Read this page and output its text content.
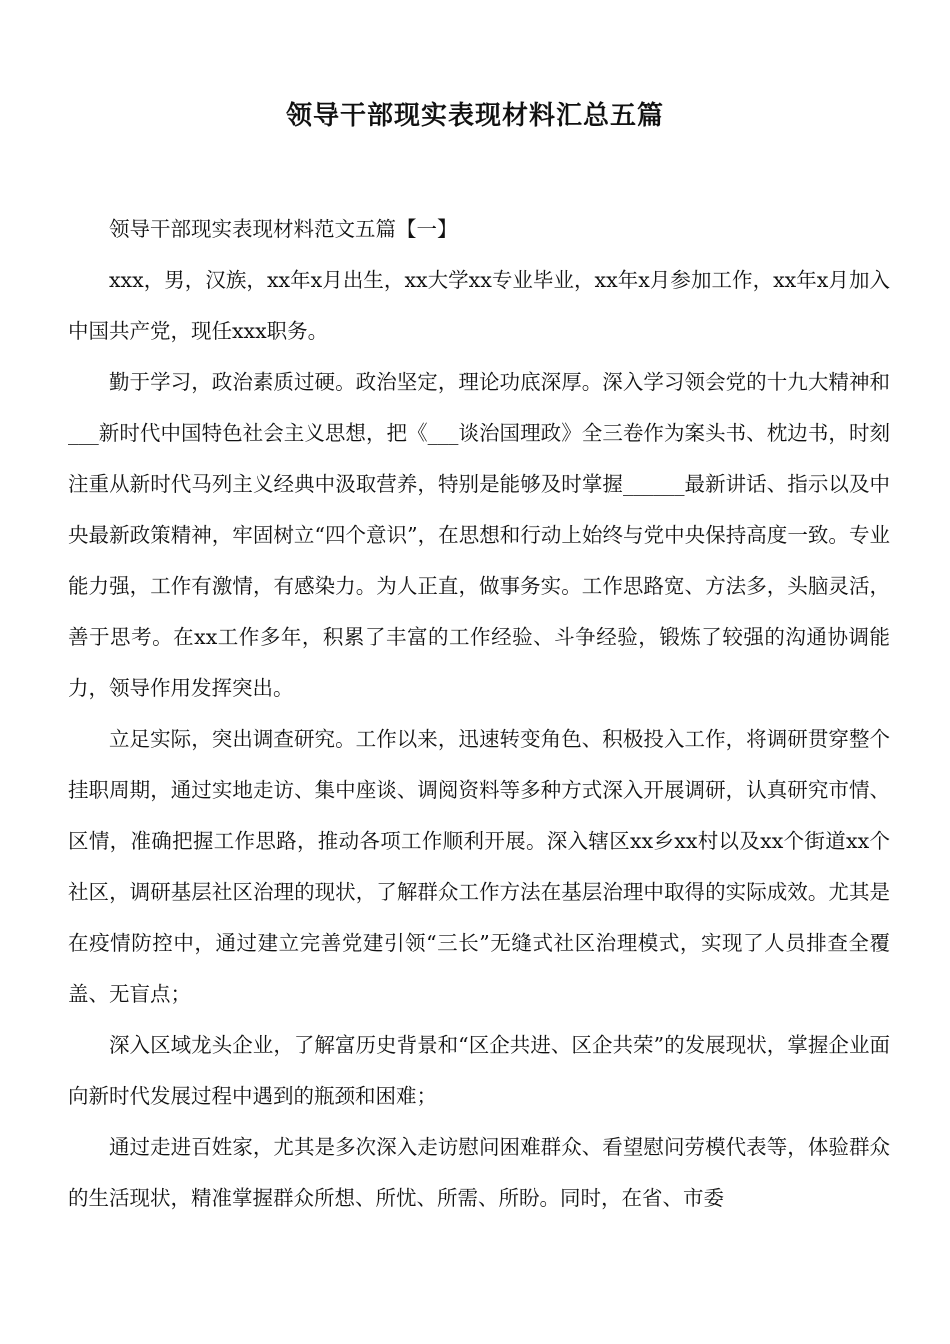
领导干部现实表现材料汇总五篇

领导干部现实表现材料范文五篇【一】

xxx，男，汉族，xx年x月出生，xx大学xx专业毕业，xx年x月参加工作，xx年x月加入中国共产党，现任xxx职务。

勤于学习，政治素质过硬。政治坚定，理论功底深厚。深入学习领会党的十九大精神和___新时代中国特色社会主义思想，把《___谈治国理政》全三卷作为案头书、枕边书，时刻注重从新时代马列主义经典中汲取营养，特别是能够及时掌握______最新讲话、指示以及中央最新政策精神，牢固树立“四个意识”，在思想和行动上始终与党中央保持高度一致。专业能力强，工作有激情，有感染力。为人正直，做事务实。工作思路宽、方法多，头脑灵活，善于思考。在xx工作多年，积累了丰富的工作经验、斗争经验，锻炼了较强的沟通协调能力，领导作用发挥突出。

立足实际，突出调查研究。工作以来，迅速转变角色、积极投入工作，将调研贯穿整个挂职周期，通过实地走访、集中座谈、调阅资料等多种方式深入开展调研，认真研究市情、区情，准确把握工作思路，推动各项工作顺利开展。深入辖区xx乡xx村以及xx个街道xx个社区，调研基层社区治理的现状，了解群众工作方法在基层治理中取得的实际成效。尤其是在疫情防控中，通过建立完善党建引领“三长”无缝式社区治理模式，实现了人员排查全覆盖、无盲点；

深入区域龙头企业，了解富历史背景和“区企共进、区企共荣”的发展现状，掌握企业面向新时代发展过程中遇到的瓶颈和困难；

通过走进百姓家，尤其是多次深入走访慰问困难群众、看望慰问劳模代表等，体验群众的生活现状，精准掌握群众所想、所忧、所需、所盼。同时，在省、市委
